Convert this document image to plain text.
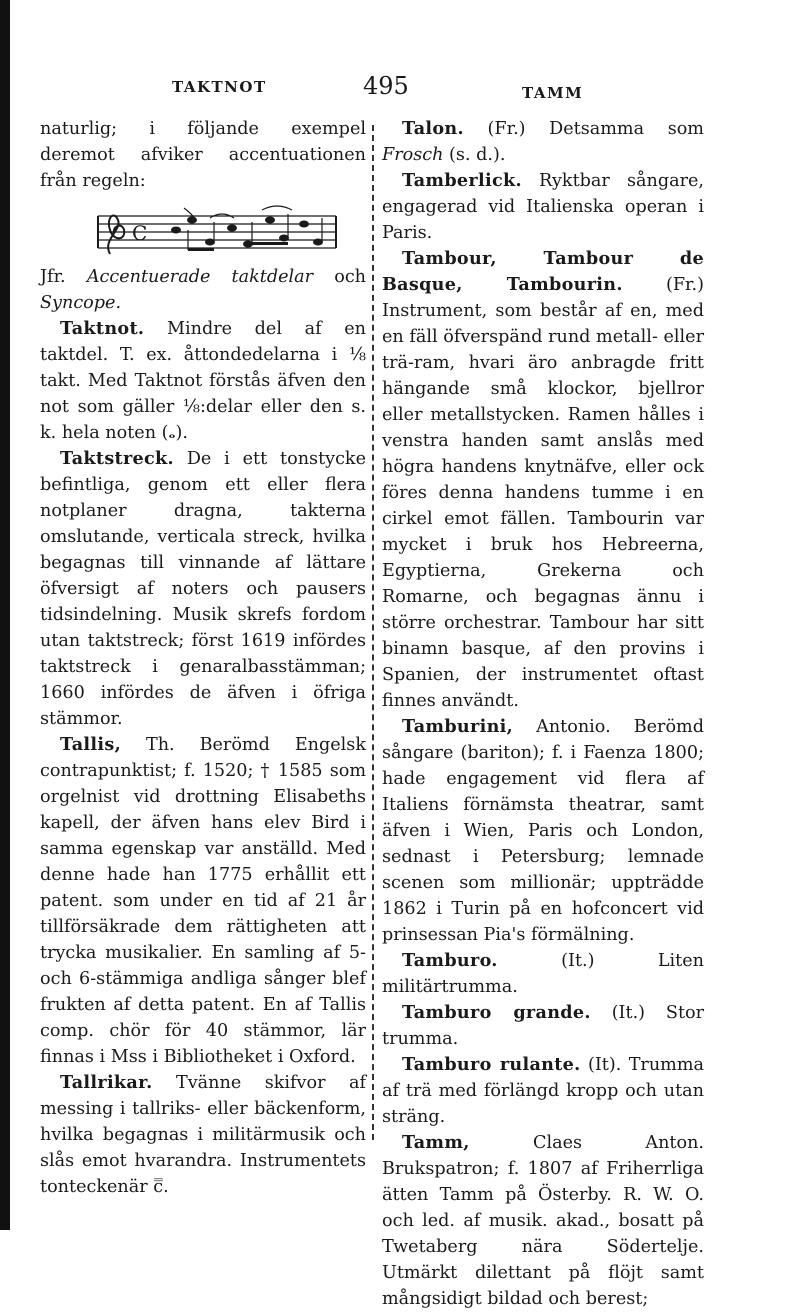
TAKTNOT	495	TAMM

naturlig; i följande exempel deremot afviker accentuationen från regeln:

C

Jfr. Accentuerade taktdelar och Syncope.

Taktnot. Mindre del af en taktdel. T. ex. åttondedelarna i ⅛ takt. Med Taktnot förstås äfven den not som gäller ⅛:delar eller den s. k. hela noten (𝅝).

Taktstreck. De i ett tonstycke befintliga, genom ett eller flera notplaner dragna, takterna omslutande, verticala streck, hvilka begagnas till vinnande af lättare öfversigt af noters och pausers tidsindelning. Musik skrefs fordom utan taktstreck; först 1619 infördes taktstreck i genaralbasstämman; 1660 infördes de äfven i öfriga stämmor.

Tallis, Th. Berömd Engelsk contrapunktist; f. 1520; † 1585 som orgelnist vid drottning Elisabeths kapell, der äfven hans elev Bird i samma egenskap var anställd. Med denne hade han 1775 erhållit ett patent. som under en tid af 21 år tillförsäkrade dem rättigheten att trycka musikalier. En samling af 5- och 6-stämmiga andliga sånger blef frukten af detta patent. En af Tallis comp. chör för 40 stämmor, lär finnas i Mss i Bibliotheket i Oxford.

Tallrikar. Tvänne skifvor af messing i tallriks- eller bäckenform, hvilka begagnas i militärmusik och slås emot hvarandra. Instrumentets tonteckenär c̿.

Talon. (Fr.) Detsamma som Frosch (s. d.).

Tamberlick. Ryktbar sångare, engagerad vid Italienska operan i Paris.

Tambour, Tambour de Basque, Tambourin. (Fr.) Instrument, som består af en, med en fäll öfverspänd rund metall- eller trä-ram, hvari äro anbragde fritt hängande små klockor, bjellror eller metallstycken. Ramen hålles i venstra handen samt anslås med högra handens knytnäfve, eller ock föres denna handens tumme i en cirkel emot fällen. Tambourin var mycket i bruk hos Hebreerna, Egyptierna, Grekerna och Romarne, och begagnas ännu i större orchestrar. Tambour har sitt binamn basque, af den provins i Spanien, der instrumentet oftast finnes användt.

Tamburini, Antonio. Berömd sångare (bariton); f. i Faenza 1800; hade engagement vid flera af Italiens förnämsta theatrar, samt äfven i Wien, Paris och London, sednast i Petersburg; lemnade scenen som millionär; uppträdde 1862 i Turin på en hofconcert vid prinsessan Pia's förmälning.

Tamburo.	(It.) Liten militärtrumma.

Tamburo grande. (It.) Stor trumma.

Tamburo rulante. (It). Trumma af trä med förlängd kropp och utan sträng.

Tamm,	Claes Anton. Brukspatron; f. 1807 af Friherrliga ätten Tamm på Österby. R. W. O. och led. af musik. akad., bosatt på Twetaberg nära Södertelje. Utmärkt dilettant på flöjt samt mångsidigt bildad och berest;
